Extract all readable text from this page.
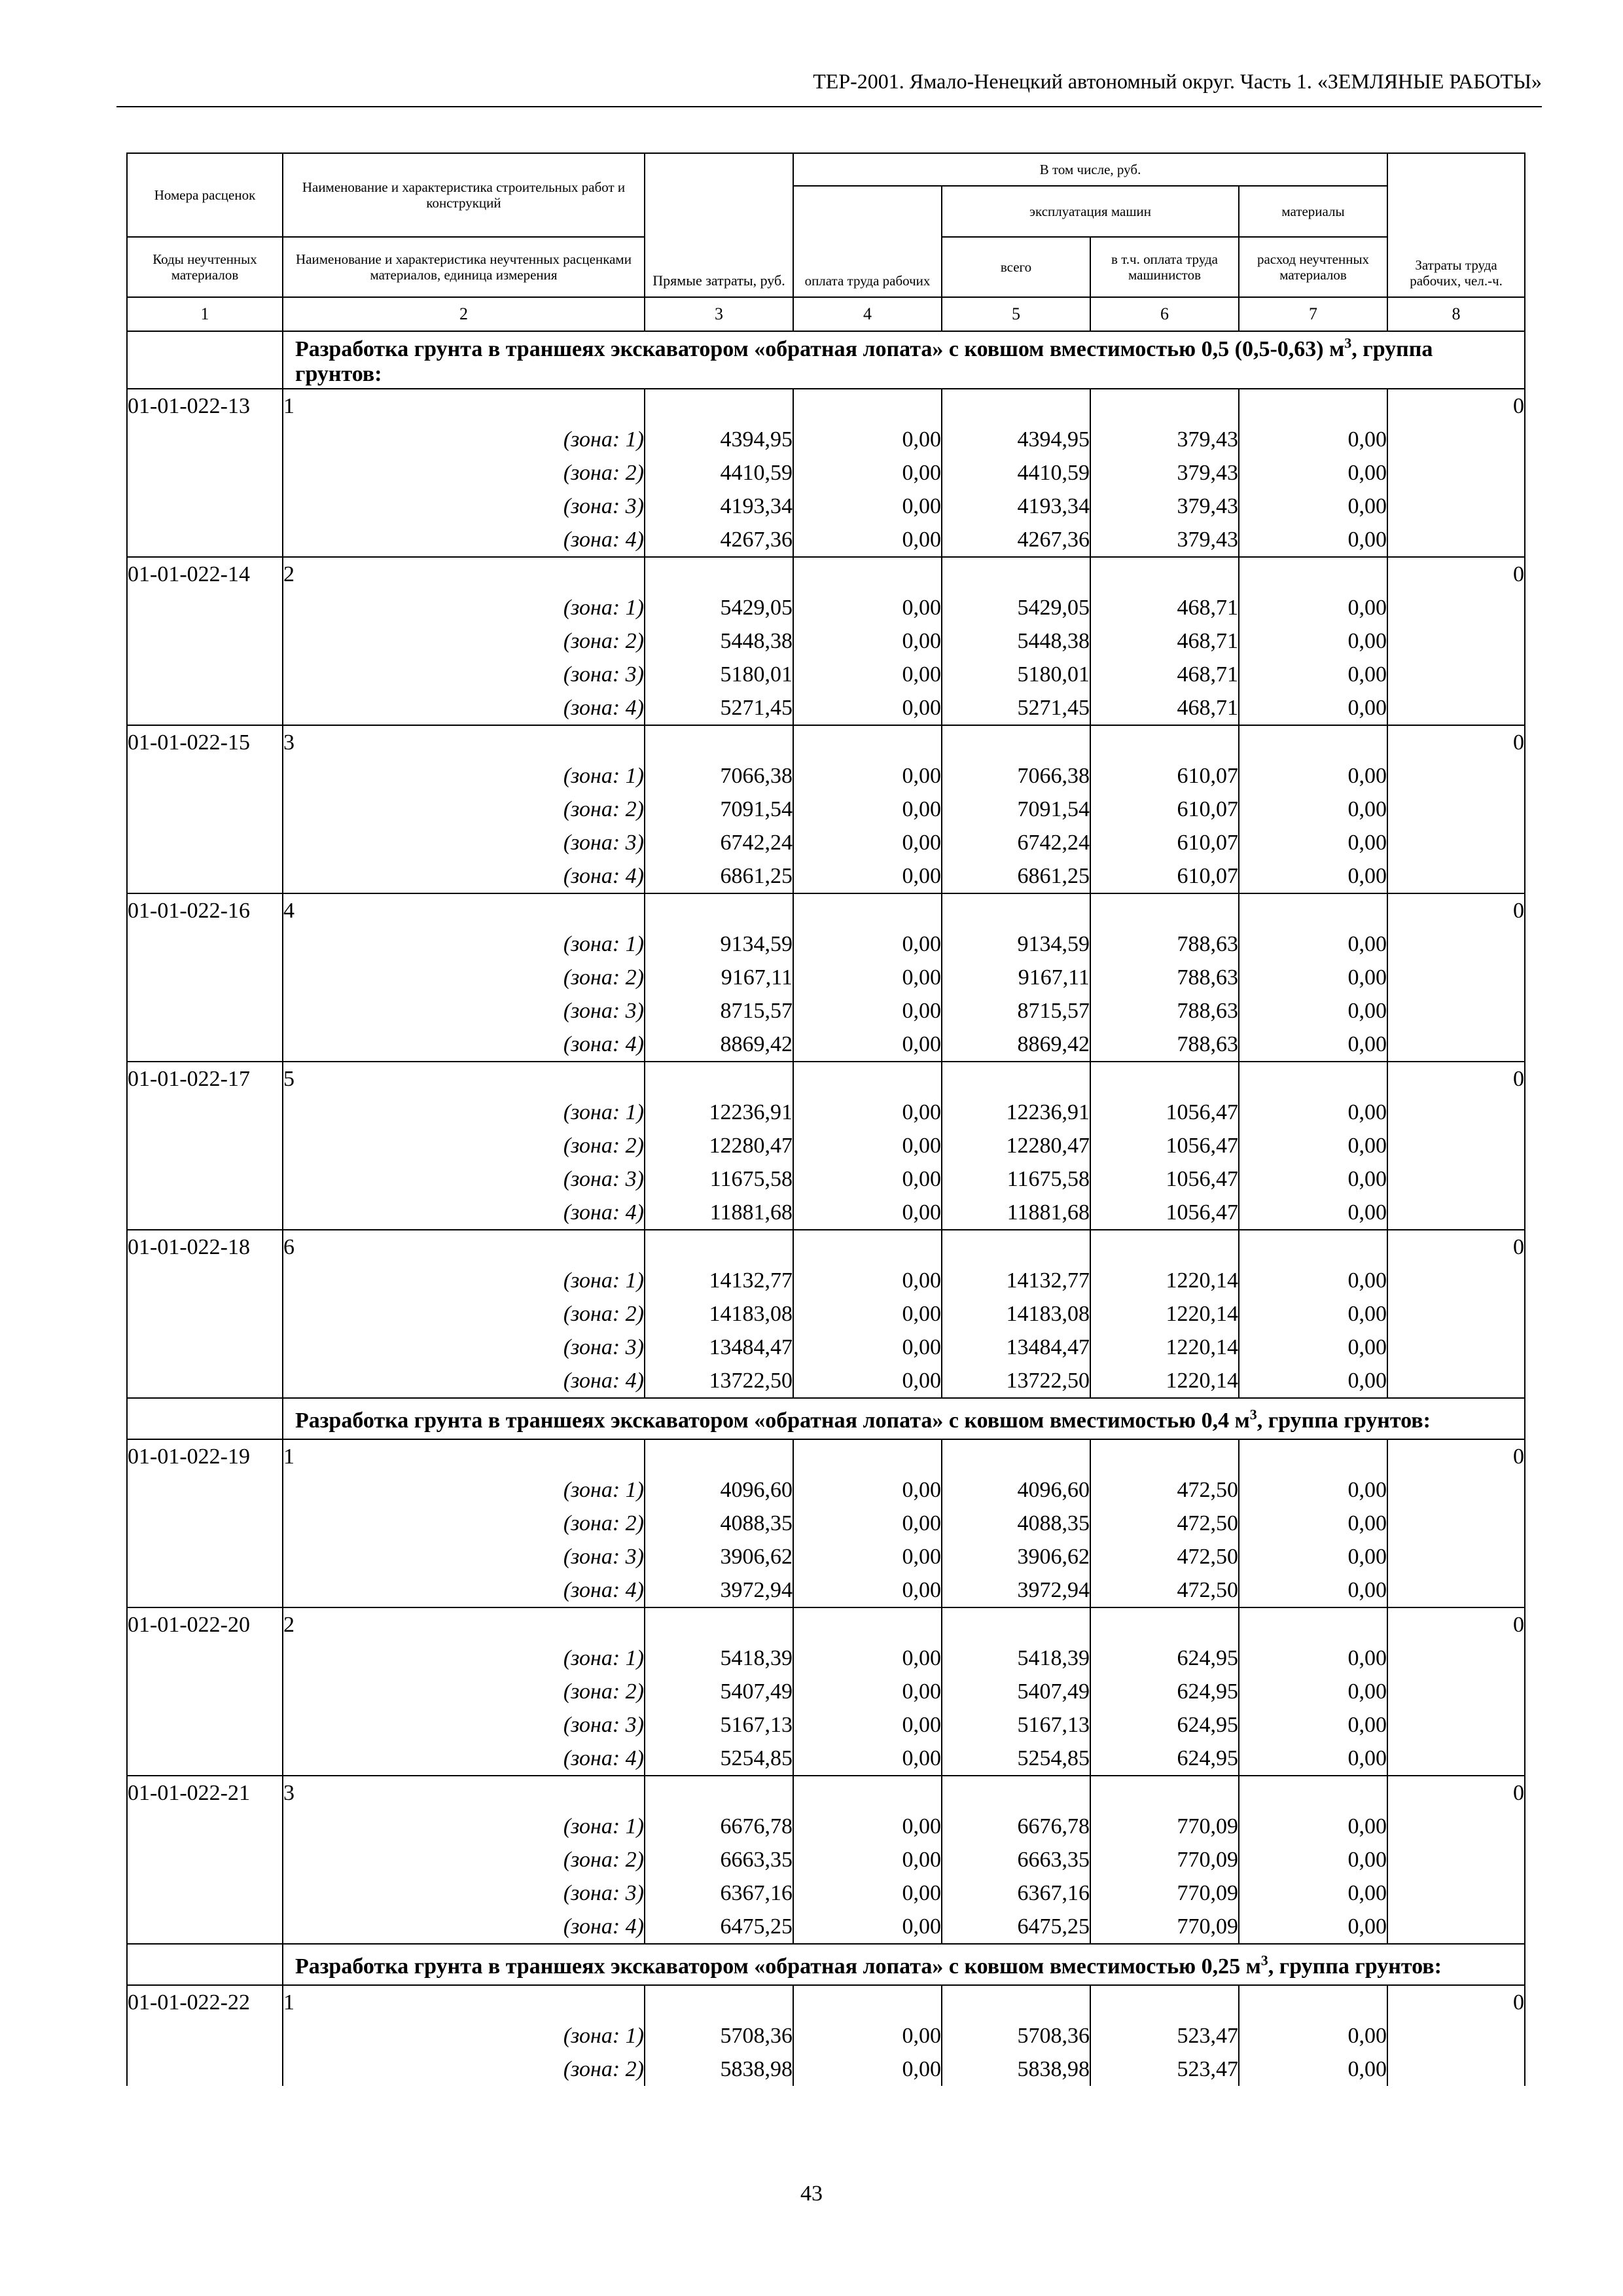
ТЕР-2001. Ямало-Ненецкий автономный округ. Часть 1. «ЗЕМЛЯНЫЕ РАБОТЫ»
Номера расценок	Наименование и характеристика строительных работ и конструкций	Прямые затраты, руб.	В том числе, руб.				Затраты труда рабочих, чел.-ч.
			оплата труда рабочих	эксплуатация машин		материалы	
Коды неучтенных материалов	Наименование и характеристика неучтенных расценками материалов, единица измерения			всего	в т.ч. оплата труда машинистов	расход неучтенных материалов	
1	2	3	4	5	6	7	8
	Разработка грунта в траншеях экскаватором «обратная лопата» с ковшом вместимостью 0,5 (0,5-0,63) $м^3$, группа грунтов:						
01-01-022-13	1						0
	(зона: 1)	4394,95	0,00	4394,95	379,43	0,00	
	(зона: 2)	4410,59	0,00	4410,59	379,43	0,00	
	(зона: 3)	4193,34	0,00	4193,34	379,43	0,00	
	(зона: 4)	4267,36	0,00	4267,36	379,43	0,00	
01-01-022-14	2						0
	(зона: 1)	5429,05	0,00	5429,05	468,71	0,00	
	(зона: 2)	5448,38	0,00	5448,38	468,71	0,00	
	(зона: 3)	5180,01	0,00	5180,01	468,71	0,00	
	(зона: 4)	5271,45	0,00	5271,45	468,71	0,00	
01-01-022-15	3						0
	(зона: 1)	7066,38	0,00	7066,38	610,07	0,00	
	(зона: 2)	7091,54	0,00	7091,54	610,07	0,00	
	(зона: 3)	6742,24	0,00	6742,24	610,07	0,00	
	(зона: 4)	6861,25	0,00	6861,25	610,07	0,00	
01-01-022-16	4						0
	(зона: 1)	9134,59	0,00	9134,59	788,63	0,00	
	(зона: 2)	9167,11	0,00	9167,11	788,63	0,00	
	(зона: 3)	8715,57	0,00	8715,57	788,63	0,00	
	(зона: 4)	8869,42	0,00	8869,42	788,63	0,00	
01-01-022-17	5						0
	(зона: 1)	12236,91	0,00	12236,91	1056,47	0,00	
	(зона: 2)	12280,47	0,00	12280,47	1056,47	0,00	
	(зона: 3)	11675,58	0,00	11675,58	1056,47	0,00	
	(зона: 4)	11881,68	0,00	11881,68	1056,47	0,00	
01-01-022-18	6						0
	(зона: 1)	14132,77	0,00	14132,77	1220,14	0,00	
	(зона: 2)	14183,08	0,00	14183,08	1220,14	0,00	
	(зона: 3)	13484,47	0,00	13484,47	1220,14	0,00	
	(зона: 4)	13722,50	0,00	13722,50	1220,14	0,00	
	Разработка грунта в траншеях экскаватором «обратная лопата» с ковшом вместимостью 0,4 $м^3$, группа грунтов:						
01-01-022-19	1						0
	(зона: 1)	4096,60	0,00	4096,60	472,50	0,00	
	(зона: 2)	4088,35	0,00	4088,35	472,50	0,00	
	(зона: 3)	3906,62	0,00	3906,62	472,50	0,00	
	(зона: 4)	3972,94	0,00	3972,94	472,50	0,00	
01-01-022-20	2						0
	(зона: 1)	5418,39	0,00	5418,39	624,95	0,00	
	(зона: 2)	5407,49	0,00	5407,49	624,95	0,00	
	(зона: 3)	5167,13	0,00	5167,13	624,95	0,00	
	(зона: 4)	5254,85	0,00	5254,85	624,95	0,00	
01-01-022-21	3						0
	(зона: 1)	6676,78	0,00	6676,78	770,09	0,00	
	(зона: 2)	6663,35	0,00	6663,35	770,09	0,00	
	(зона: 3)	6367,16	0,00	6367,16	770,09	0,00	
	(зона: 4)	6475,25	0,00	6475,25	770,09	0,00	
	Разработка грунта в траншеях экскаватором «обратная лопата» с ковшом вместимостью 0,25 $м^3$, группа грунтов:						
01-01-022-22	1						0
	(зона: 1)	5708,36	0,00	5708,36	523,47	0,00	
	(зона: 2)	5838,98	0,00	5838,98	523,47	0,00	
43
